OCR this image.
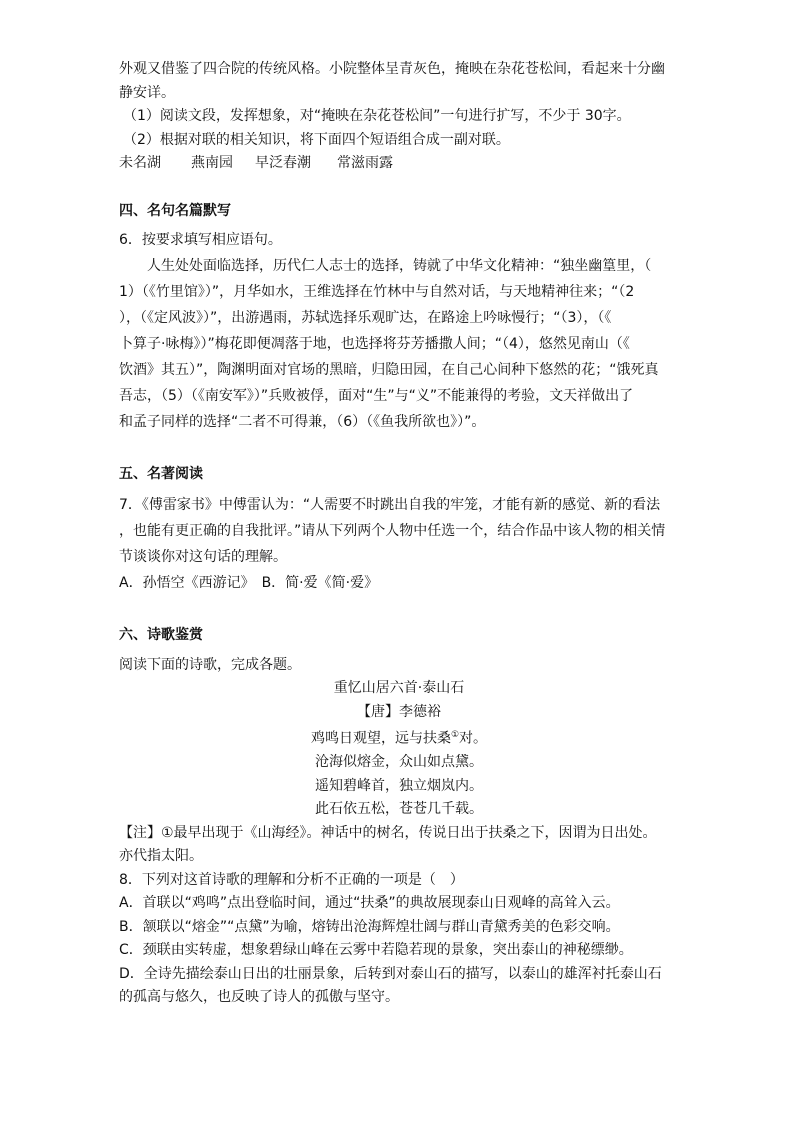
外观又借鉴了四合院的传统风格。小院整体呈青灰色，掩映在杂花苍松间，看起来十分幽
静安详。
（1）阅读文段，发挥想象，对“掩映在杂花苍松间”一句进行扩写，不少于 30字。
（2）根据对联的相关知识，将下面四个短语组合成一副对联。
未名湖 燕南园 早泛春潮 常滋雨露
四、名句名篇默写
6．按要求填写相应语句。
人生处处面临选择，历代仁人志士的选择，铸就了中华文化精神：“独坐幽篁里，（
1）（《竹里馆》）”，月华如水，王维选择在竹林中与自然对话，与天地精神往来；“（2
），（《定风波》）”，出游遇雨，苏轼选择乐观旷达，在路途上吟咏慢行；“（3），（《
卜算子·咏梅》）”梅花即便凋落于地，也选择将芬芳播撒人间；“（4），悠然见南山（《
饮酒》其五）”，陶渊明面对官场的黑暗，归隐田园，在自己心间种下悠然的花；“饿死真
吾志，（5）（《南安军》）”兵败被俘，面对“生”与“义”不能兼得的考验，文天祥做出了
和孟子同样的选择“二者不可得兼，（6）（《鱼我所欲也》）”。
五、名著阅读
7．《傅雷家书》中傅雷认为：“人需要不时跳出自我的牢笼，才能有新的感觉、新的看法
，也能有更正确的自我批评。”请从下列两个人物中任选一个，结合作品中该人物的相关情
节谈谈你对这句话的理解。
A．孙悟空《西游记》　B．简·爱《简·爱》
六、诗歌鉴赏
阅读下面的诗歌，完成各题。
重忆山居六首·泰山石
【唐】李德裕
鸡鸣日观望，远与扶桑①对。
沧海似熔金，众山如点黛。
遥知碧峰首，独立烟岚内。
此石依五松，苍苍几千载。
【注】①最早出现于《山海经》。神话中的树名，传说日出于扶桑之下，因谓为日出处。
亦代指太阳。
8．下列对这首诗歌的理解和分析不正确的一项是（　）
A．首联以“鸡鸣”点出登临时间，通过“扶桑”的典故展现泰山日观峰的高耸入云。
B．颔联以“熔金”“点黛”为喻，熔铸出沧海辉煌壮阔与群山青黛秀美的色彩交响。
C．颈联由实转虚，想象碧绿山峰在云雾中若隐若现的景象，突出泰山的神秘缥缈。
D．全诗先描绘泰山日出的壮丽景象，后转到对泰山石的描写，以泰山的雄浑衬托泰山石
的孤高与悠久，也反映了诗人的孤傲与坚守。
